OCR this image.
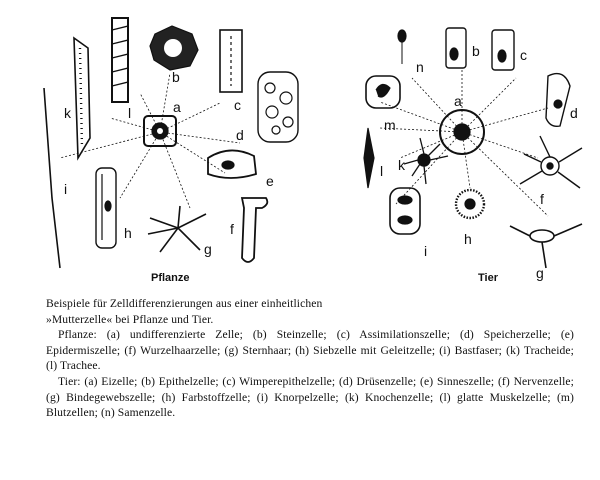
a
b
c
d
e
f
g
h
i
k	l
Pflanze
a
b	c
d
f
g
h
i
k
l
m
n
Tier

Beispiele für Zelldifferenzierungen aus einer einheitlichen

»Mutterzelle« bei Pflanze und Tier.

Pflanze: (a) undifferenzierte Zelle; (b) Steinzelle; (c) Assimilationszelle; (d) Speicherzelle; (e) Epidermiszelle; (f) Wurzelhaarzelle; (g) Sternhaar; (h) Siebzelle mit Geleitzelle; (i) Bastfaser; (k) Tracheide; (l) Trachee.

Tier: (a) Eizelle; (b) Epithelzelle; (c) Wimperepithelzelle; (d) Drüsenzelle; (e) Sinneszelle; (f) Nervenzelle; (g) Bindegewebszelle; (h) Farbstoffzelle; (i) Knorpelzelle; (k) Knochenzelle; (l) glatte Muskelzelle; (m) Blutzellen; (n) Samenzelle.
